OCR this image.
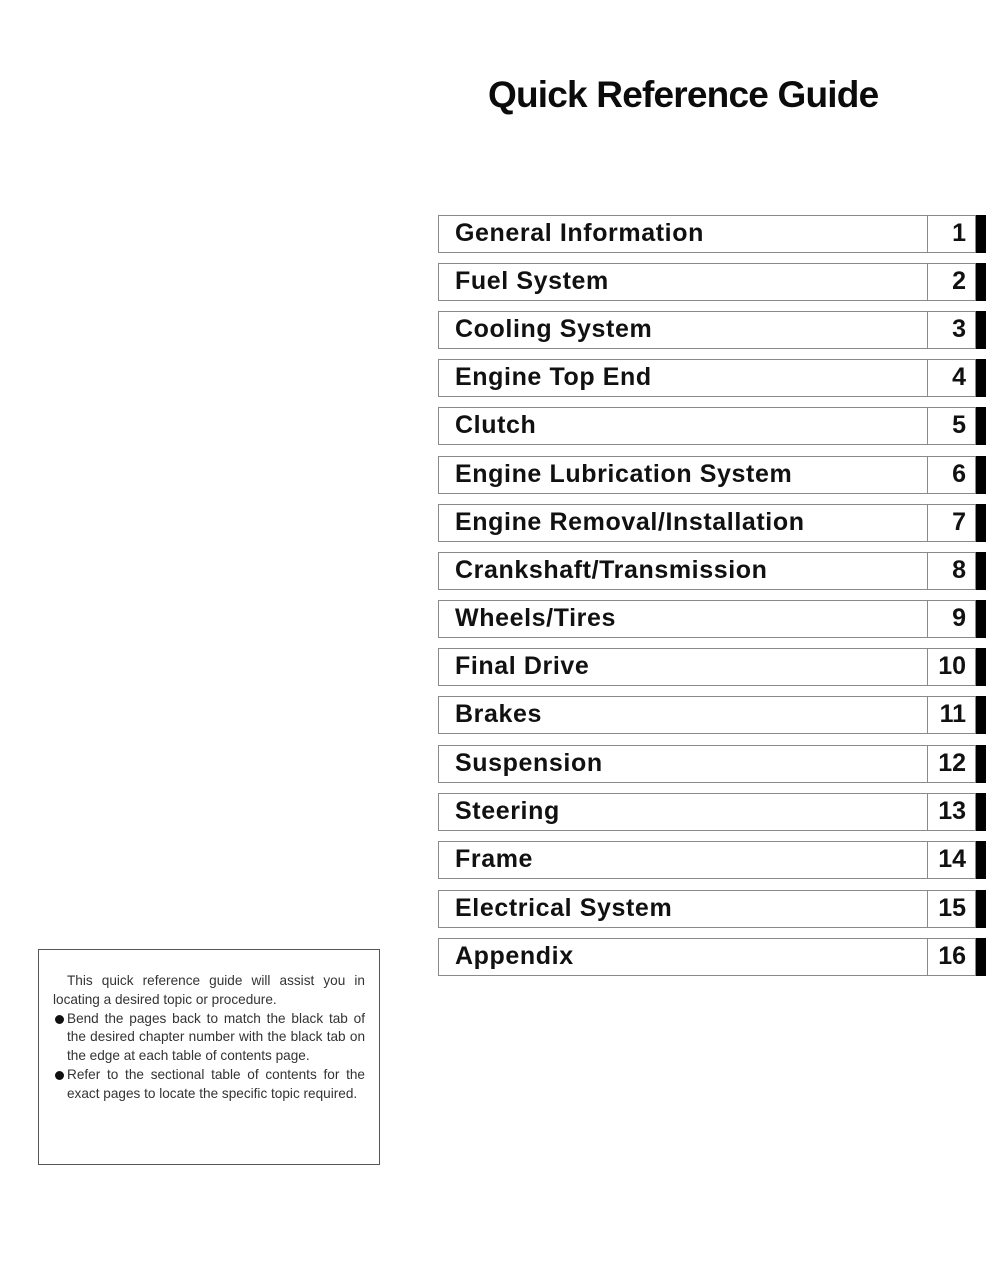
Quick Reference Guide
General Information	1
Fuel System	2
Cooling System	3
Engine Top End	4
Clutch	5
Engine Lubrication System	6
Engine Removal/Installation	7
Crankshaft/Transmission	8
Wheels/Tires	9
Final Drive	10
Brakes	11
Suspension	12
Steering	13
Frame	14
Electrical System	15
Appendix	16

This quick reference guide will assist you in locating a desired topic or procedure.

Bend the pages back to match the black tab of the desired chapter number with the black tab on the edge at each table of contents page.

Refer to the sectional table of contents for the exact pages to locate the specific topic required.
